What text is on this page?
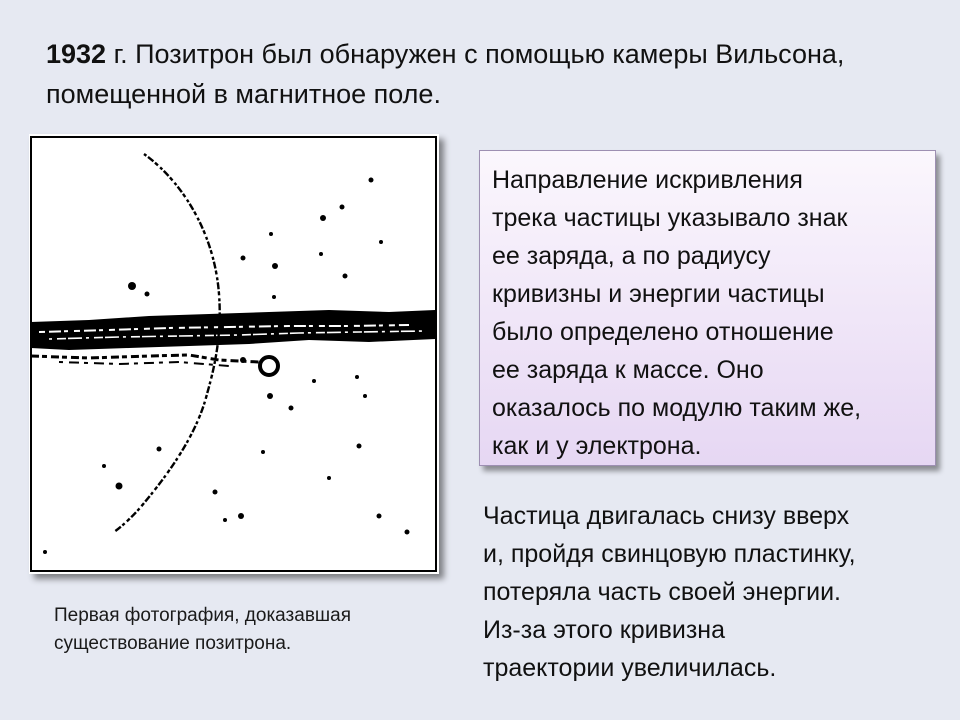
1932 г. Позитрон был обнаружен с помощью камеры Вильсона,
помещенной в магнитное поле.
Первая фотография, доказавшая
существование позитрона.
Направление искривления
трека частицы указывало знак
ее заряда, а по радиусу
кривизны и энергии частицы
было определено отношение
ее заряда к массе. Оно
оказалось по модулю таким же,
как и у электрона.
Частица двигалась снизу вверх
и, пройдя свинцовую пластинку,
потеряла часть своей энергии.
Из-за этого кривизна
траектории увеличилась.
